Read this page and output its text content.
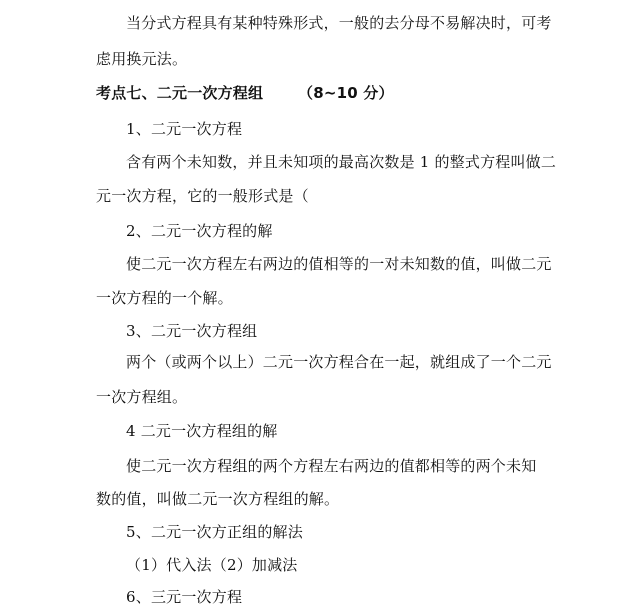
当分式方程具有某种特殊形式，一般的去分母不易解决时，可考
虑用换元法。
考点七、二元一次方程组 （8~10 分）
1、二元一次方程
含有两个未知数，并且未知项的最高次数是 1 的整式方程叫做二
元一次方程，它的一般形式是（
2、二元一次方程的解
使二元一次方程左右两边的值相等的一对未知数的值，叫做二元
一次方程的一个解。
3、二元一次方程组
两个（或两个以上）二元一次方程合在一起，就组成了一个二元
一次方程组。
4 二元一次方程组的解
使二元一次方程组的两个方程左右两边的值都相等的两个未知
数的值，叫做二元一次方程组的解。
5、二元一次方正组的解法
（1）代入法（2）加减法
6、三元一次方程
